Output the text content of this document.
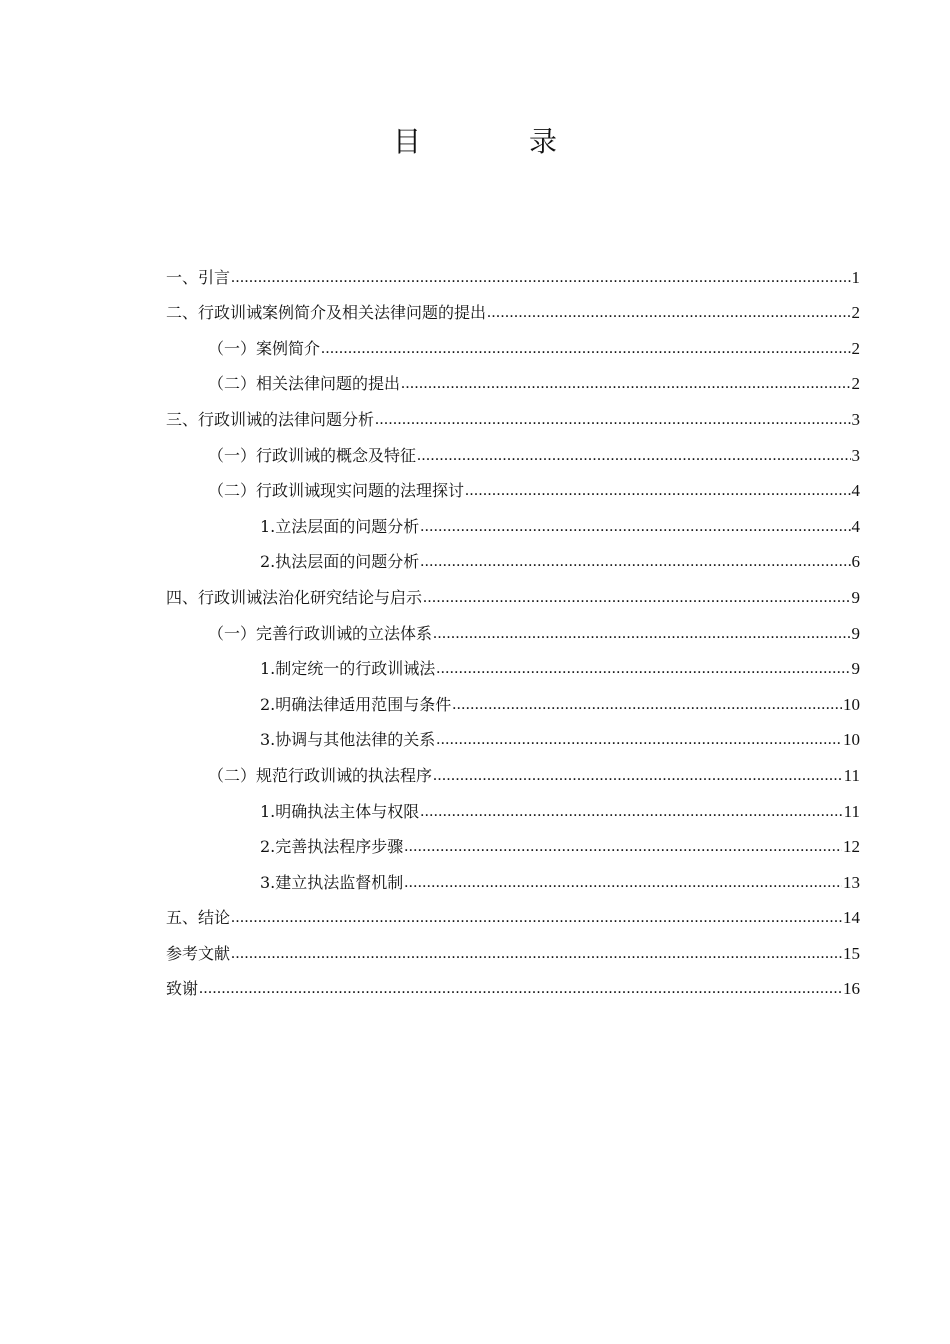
目　录
一、引言 .....	1
二、行政训诫案例简介及相关法律问题的提出 .....	2
（一）案例简介 .....	2
（二）相关法律问题的提出 .....	2
三、行政训诫的法律问题分析 .....	3
（一）行政训诫的概念及特征 .....	3
（二）行政训诫现实问题的法理探讨 .....	4
1.立法层面的问题分析 .....	4
2.执法层面的问题分析 .....	6
四、行政训诫法治化研究结论与启示 .....	9
（一）完善行政训诫的立法体系 .....	9
1.制定统一的行政训诫法 .....	9
2.明确法律适用范围与条件 .....	10
3.协调与其他法律的关系 .....	10
（二）规范行政训诫的执法程序 .....	11
1.明确执法主体与权限 .....	11
2.完善执法程序步骤 .....	12
3.建立执法监督机制 .....	13
五、结论 .....	14
参考文献 .....	15
致谢 .....	16
